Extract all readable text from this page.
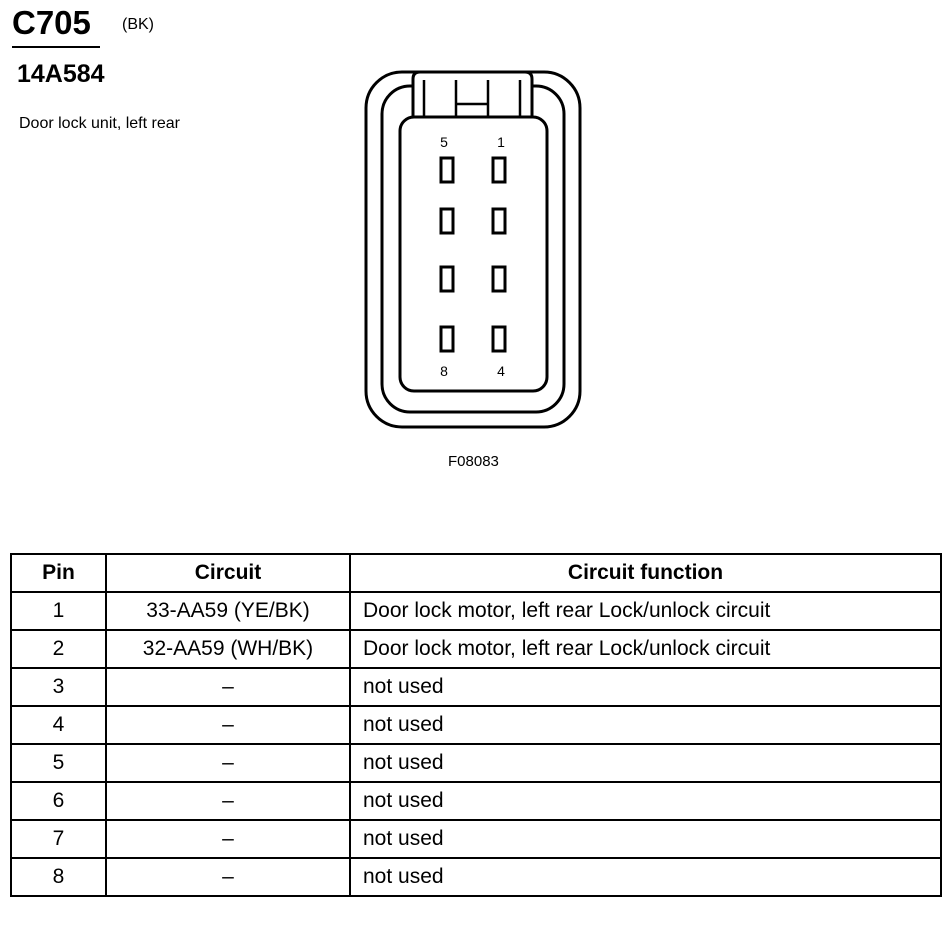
C705 (BK)
14A584
Door lock unit, left rear
5	1
8	4
F08083
Pin	Circuit	Circuit function
1	33-AA59 (YE/BK)	Door lock motor, left rear Lock/unlock circuit
2	32-AA59 (WH/BK)	Door lock motor, left rear Lock/unlock circuit
3	–	not used
4	–	not used
5	–	not used
6	–	not used
7	–	not used
8	–	not used
